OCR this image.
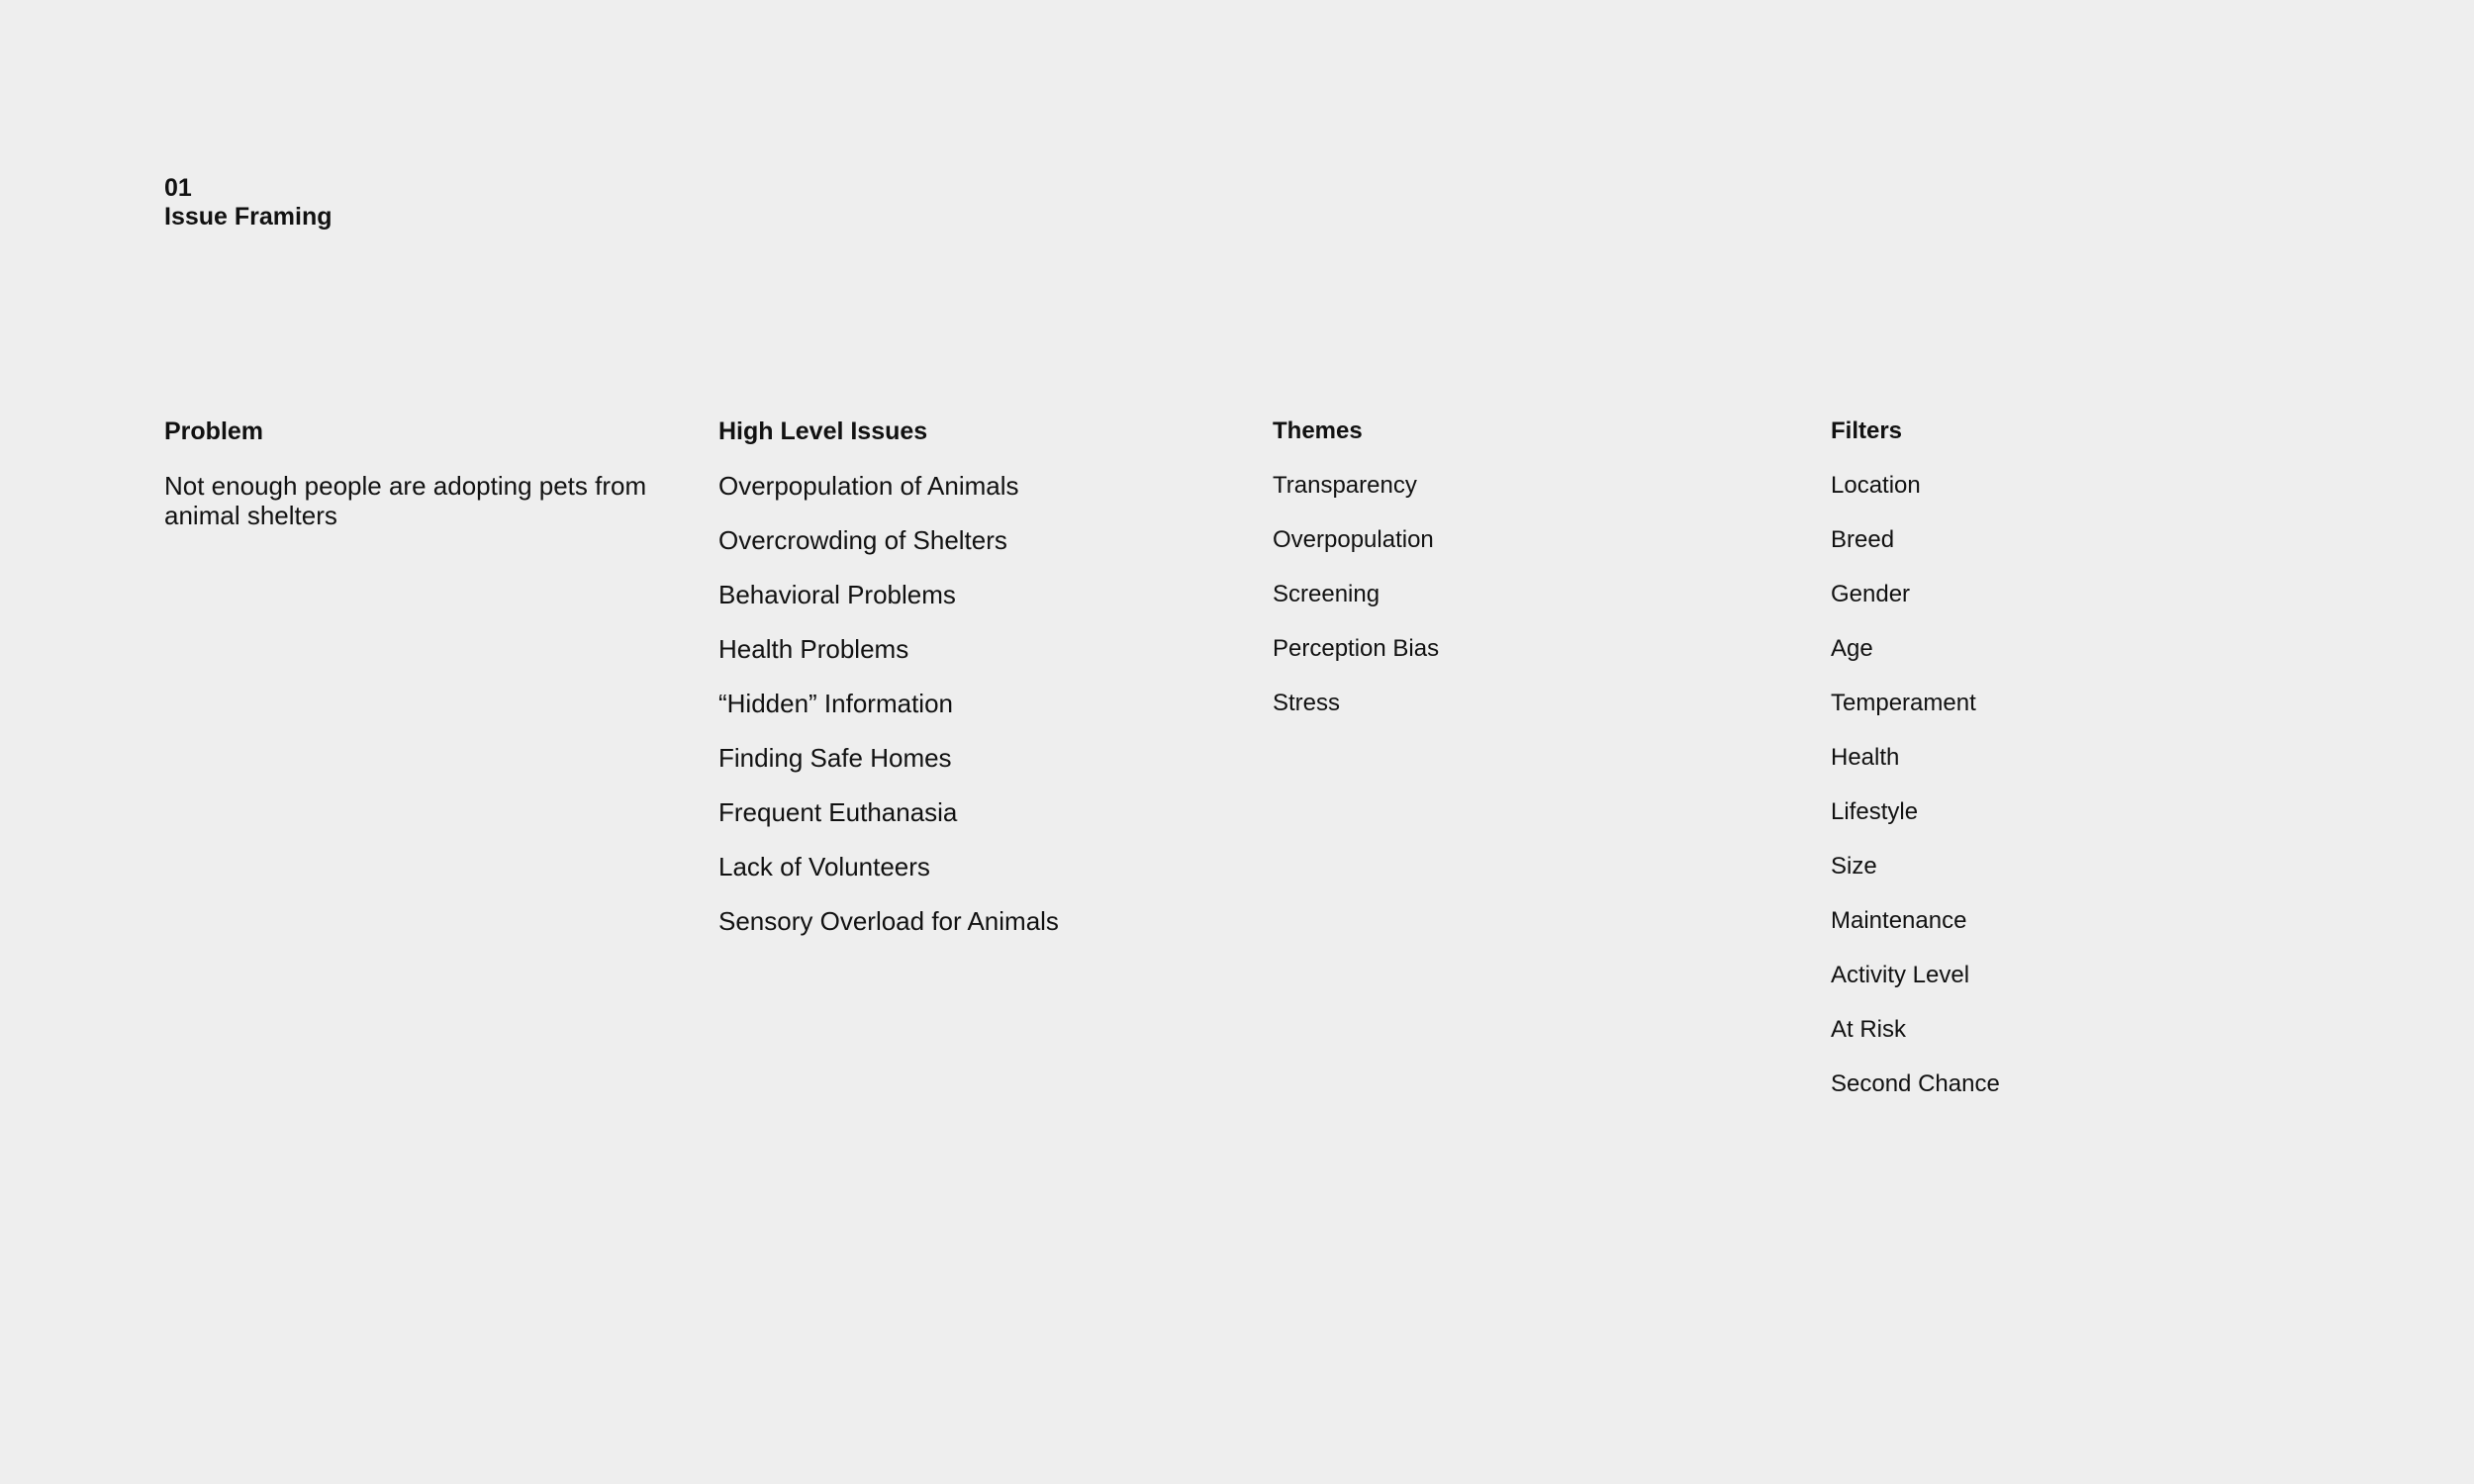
01
Issue Framing
Problem

Not enough people are adopting pets from animal shelters

High Level Issues
Overpopulation of Animals
Overcrowding of Shelters
Behavioral Problems
Health Problems
“Hidden” Information
Finding Safe Homes
Frequent Euthanasia
Lack of Volunteers
Sensory Overload for Animals
Themes
Transparency
Overpopulation
Screening
Perception Bias
Stress
Filters
Location
Breed
Gender
Age
Temperament
Health
Lifestyle
Size
Maintenance
Activity Level
At Risk
Second Chance
